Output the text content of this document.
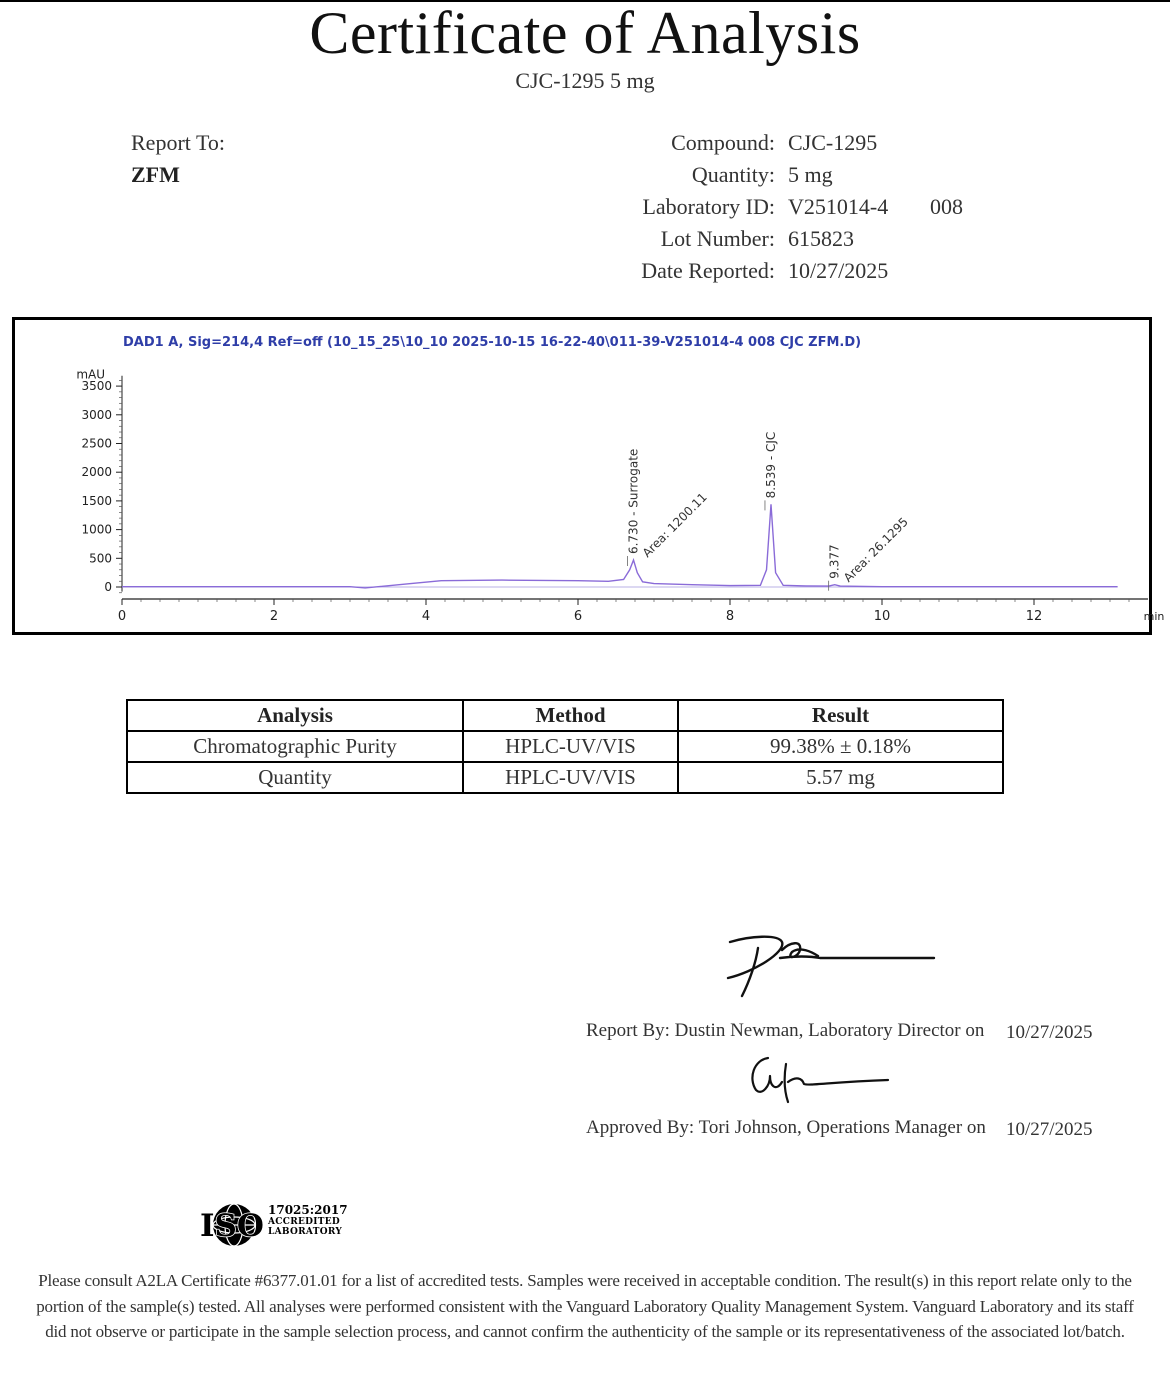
Certificate of Analysis
CJC-1295 5 mg
Report To:
ZFM
Compound: CJC-1295
Quantity: 5 mg
Laboratory ID: V251014-4 008
Lot Number: 615823
Date Reported: 10/27/2025
DAD1 A, Sig=214,4 Ref=off (10_15_25\10_10 2025-10-15 16-22-40\011-39-V251014-4 008 CJC ZFM.D)
mAU
0
500
1000
1500
2000
2500
3000
3500
0	2	4	6	8	10	12	min
6.730 - Surrogate Area: 1200.11
8.539 - CJC
9.377 Area: 26.1295
Analysis	Method	Result
Chromatographic Purity	HPLC-UV/VIS	99.38% ± 0.18%
Quantity	HPLC-UV/VIS	5.57 mg
Report By: Dustin Newman, Laboratory Director on 10/27/2025
Approved By: Tori Johnson, Operations Manager on 10/27/2025
ISO 17025:2017
ACCREDITED
LABORATORY
Please consult A2LA Certificate #6377.01.01 for a list of accredited tests. Samples were received in acceptable condition. The result(s) in this report relate only to the portion of the sample(s) tested. All analyses were performed consistent with the Vanguard Laboratory Quality Management System. Vanguard Laboratory and its staff did not observe or participate in the sample selection process, and cannot confirm the authenticity of the sample or its representativeness of the associated lot/batch.
